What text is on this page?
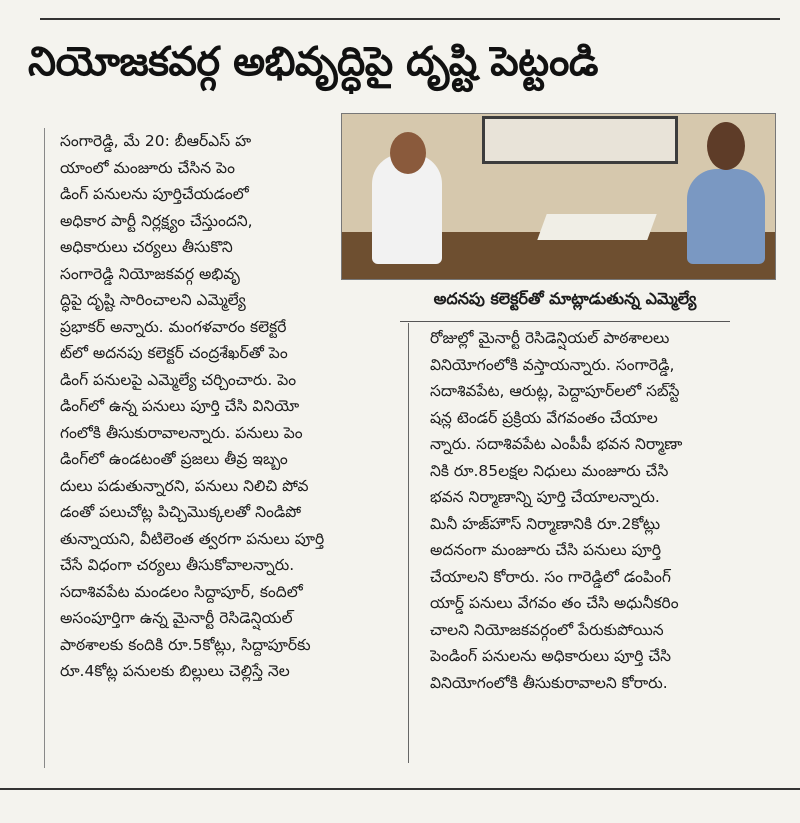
నియోజకవర్గ అభివృద్ధిపై దృష్టి పెట్టండి
అదనపు కలెక్టర్‌తో మాట్లాడుతున్న ఎమ్మెల్యే
సంగారెడ్డి, మే 20: బీఆర్ఎస్ హ
యాంలో మంజూరు చేసిన పెం
డింగ్ పనులను పూర్తిచేయడంలో
అధికార పార్టీ నిర్లక్ష్యం చేస్తుందని,
అధికారులు చర్యలు తీసుకొని
సంగారెడ్డి నియోజకవర్గ అభివృ
ద్ధిపై దృష్టి సారించాలని ఎమ్మెల్యే
ప్రభాకర్ అన్నారు. మంగళవారం కలెక్టరే
ట్‌లో అదనపు కలెక్టర్ చంద్రశేఖర్‌తో పెం
డింగ్ పనులపై ఎమ్మెల్యే చర్చించారు. పెం
డింగ్‌లో ఉన్న పనులు పూర్తి చేసి వినియో
గంలోకి తీసుకురావాలన్నారు. పనులు పెం
డింగ్‌లో ఉండటంతో ప్రజలు తీవ్ర ఇబ్బం
దులు పడుతున్నారని, పనులు నిలిచి పోవ
డంతో పలుచోట్ల పిచ్చిమొక్కలతో నిండిపో
తున్నాయని, వీటిలెంత త్వరగా పనులు పూర్తి
చేసే విధంగా చర్యలు తీసుకోవాలన్నారు.
సదాశివపేట మండలం సిద్దాపూర్, కందిలో
అసంపూర్తిగా ఉన్న మైనార్టీ రెసిడెన్షియల్
పాఠశాలకు కందికి రూ.5కోట్లు, సిద్దాపూర్‌కు
రూ.4కోట్ల పనులకు బిల్లులు చెల్లిస్తే నెల
రోజుల్లో మైనార్టీ రెసిడెన్షియల్ పాఠశాలలు
వినియోగంలోకి వస్తాయన్నారు. సంగారెడ్డి,
సదాశివపేట, ఆరుట్ల, పెద్దాపూర్‌లలో సబ్‌స్టే
షన్ల టెండర్ ప్రక్రియ వేగవంతం చేయాల
న్నారు. సదాశివపేట ఎంపీపీ భవన నిర్మాణా
నికి రూ.85లక్షల నిధులు మంజూరు చేసి
భవన నిర్మాణాన్ని పూర్తి చేయాలన్నారు.
మినీ హజ్‌హౌస్ నిర్మాణానికి రూ.2కోట్లు
అదనంగా మంజూరు చేసి పనులు పూర్తి
చేయాలని కోరారు. సం గారెడ్డిలో డంపింగ్
యార్డ్ పనులు వేగవం తం చేసి అధునీకరిం
చాలని నియోజకవర్గంలో పేరుకుపోయిన
పెండింగ్ పనులను అధికారులు పూర్తి చేసి
వినియోగంలోకి తీసుకురావాలని కోరారు.
